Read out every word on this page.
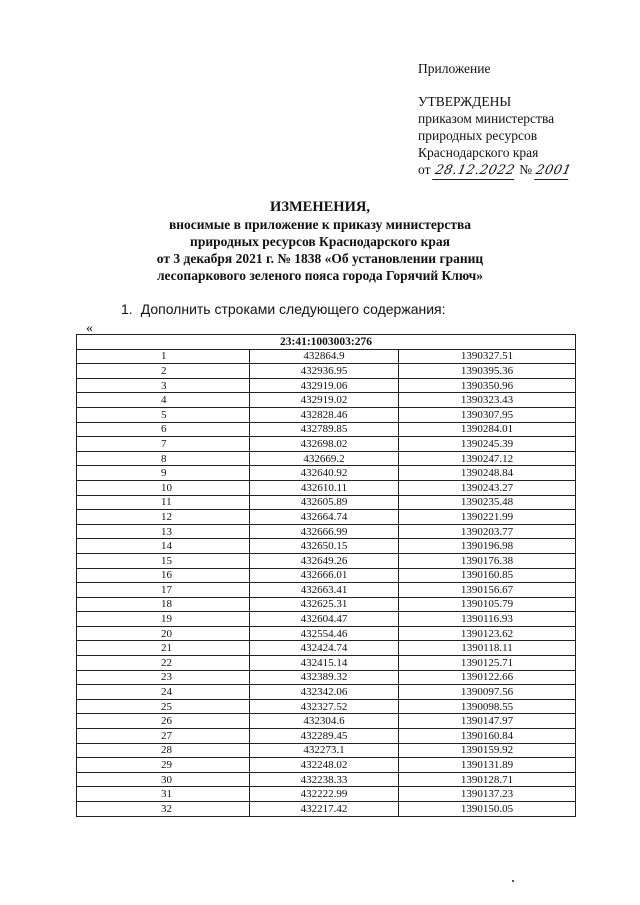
Приложение
УТВЕРЖДЕНЫ
приказом министерства
природных ресурсов
Краснодарского края
от 28.12.2022 № 2001
ИЗМЕНЕНИЯ,
вносимые в приложение к приказу министерства
природных ресурсов Краснодарского края
от 3 декабря 2021 г. № 1838 «Об установлении границ
лесопаркового зеленого пояса города Горячий Ключ»
1. Дополнить строками следующего содержания:
«
23:41:1003003:276		
1	432864.9	1390327.51
2	432936.95	1390395.36
3	432919.06	1390350.96
4	432919.02	1390323.43
5	432828.46	1390307.95
6	432789.85	1390284.01
7	432698.02	1390245.39
8	432669.2	1390247.12
9	432640.92	1390248.84
10	432610.11	1390243.27
11	432605.89	1390235.48
12	432664.74	1390221.99
13	432666.99	1390203.77
14	432650.15	1390196.98
15	432649.26	1390176.38
16	432666.01	1390160.85
17	432663.41	1390156.67
18	432625.31	1390105.79
19	432604.47	1390116.93
20	432554.46	1390123.62
21	432424.74	1390118.11
22	432415.14	1390125.71
23	432389.32	1390122.66
24	432342.06	1390097.56
25	432327.52	1390098.55
26	432304.6	1390147.97
27	432289.45	1390160.84
28	432273.1	1390159.92
29	432248.02	1390131.89
30	432238.33	1390128.71
31	432222.99	1390137.23
32	432217.42	1390150.05
